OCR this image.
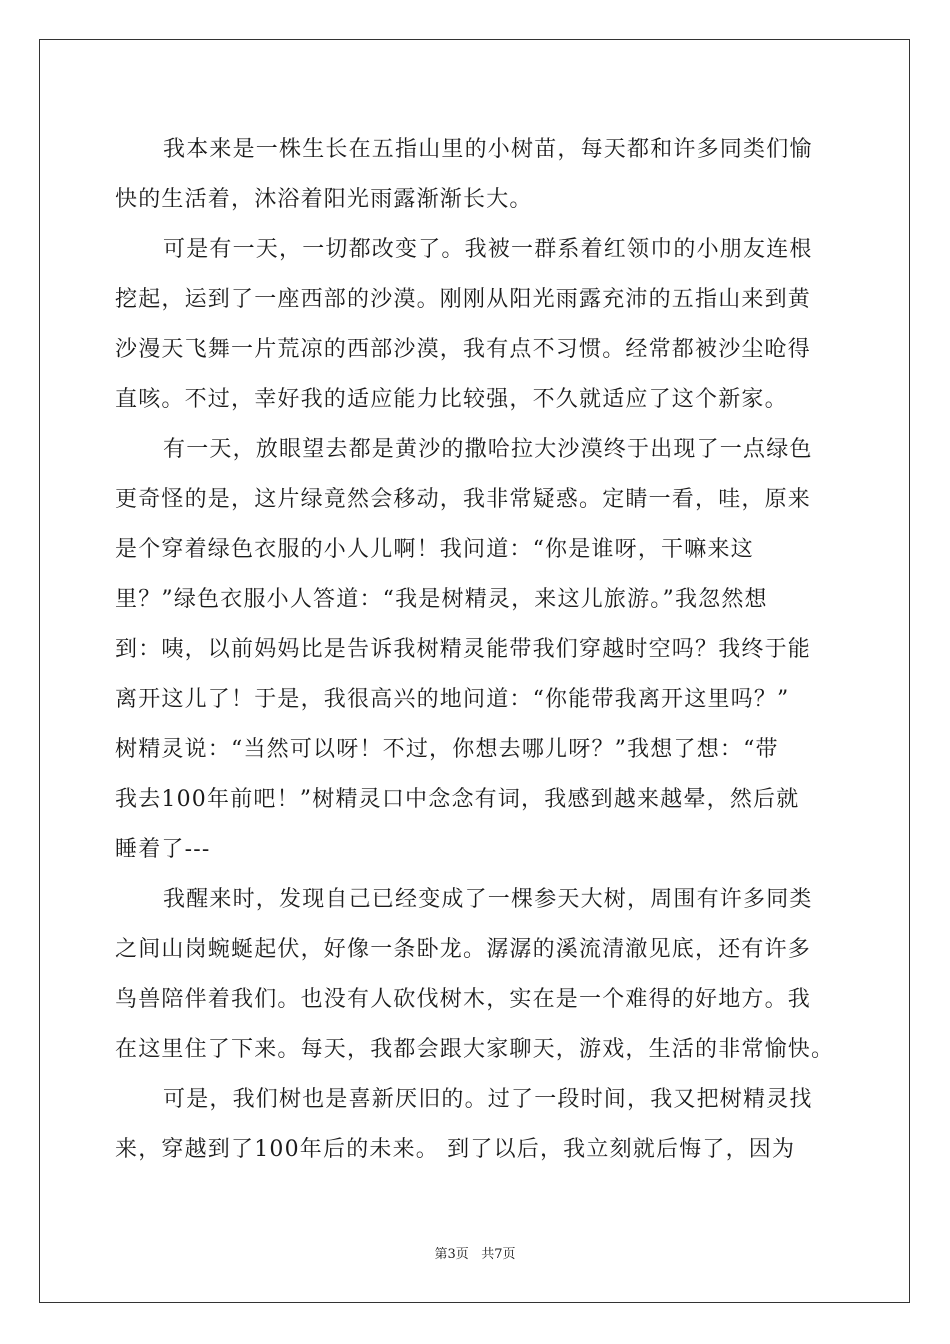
我本来是一株生长在五指山里的小树苗，每天都和许多同类们愉
快的生活着，沐浴着阳光雨露渐渐长大。
可是有一天，一切都改变了。我被一群系着红领巾的小朋友连根
挖起，运到了一座西部的沙漠。刚刚从阳光雨露充沛的五指山来到黄
沙漫天飞舞一片荒凉的西部沙漠，我有点不习惯。经常都被沙尘呛得
直咳。不过，幸好我的适应能力比较强，不久就适应了这个新家。
有一天，放眼望去都是黄沙的撒哈拉大沙漠终于出现了一点绿色
更奇怪的是，这片绿竟然会移动，我非常疑惑。定睛一看，哇，原来
是个穿着绿色衣服的小人儿啊！我问道：“你是谁呀，干嘛来这
里？”绿色衣服小人答道：“我是树精灵，来这儿旅游。”我忽然想
到：咦，以前妈妈比是告诉我树精灵能带我们穿越时空吗？我终于能
离开这儿了！于是，我很高兴的地问道：“你能带我离开这里吗？”
树精灵说：“当然可以呀！不过，你想去哪儿呀？”我想了想：“带
我去100年前吧！”树精灵口中念念有词，我感到越来越晕，然后就
睡着了---
我醒来时，发现自己已经变成了一棵参天大树，周围有许多同类
之间山岗蜿蜒起伏，好像一条卧龙。潺潺的溪流清澈见底，还有许多
鸟兽陪伴着我们。也没有人砍伐树木，实在是一个难得的好地方。我
在这里住了下来。每天，我都会跟大家聊天，游戏，生活的非常愉快。
可是，我们树也是喜新厌旧的。过了一段时间，我又把树精灵找
来，穿越到了100年后的未来。 到了以后，我立刻就后悔了，因为
第3页 共7页
